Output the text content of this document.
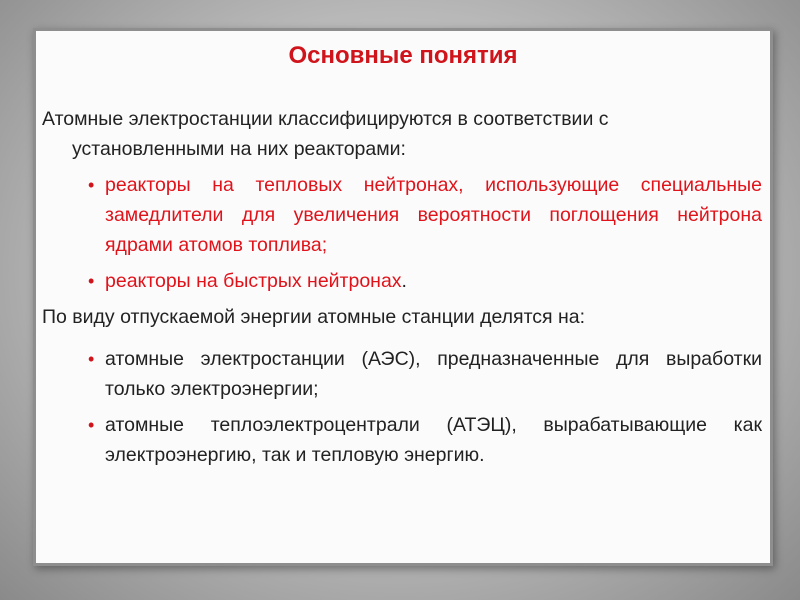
Основные понятия

Атомные электростанции классифицируются в соответствии с
установленными на них реакторами:

• реакторы на тепловых нейтронах, использующие специальные замедлители для увеличения вероятности поглощения нейтрона ядрами атомов топлива;
• реакторы на быстрых нейтронах.

По виду отпускаемой энергии атомные станции делятся на:

• атомные электростанции (АЭС), предназначенные для выработки только электроэнергии;
• атомные теплоэлектроцентрали (АТЭЦ), вырабатывающие как электроэнергию, так и тепловую энергию.
